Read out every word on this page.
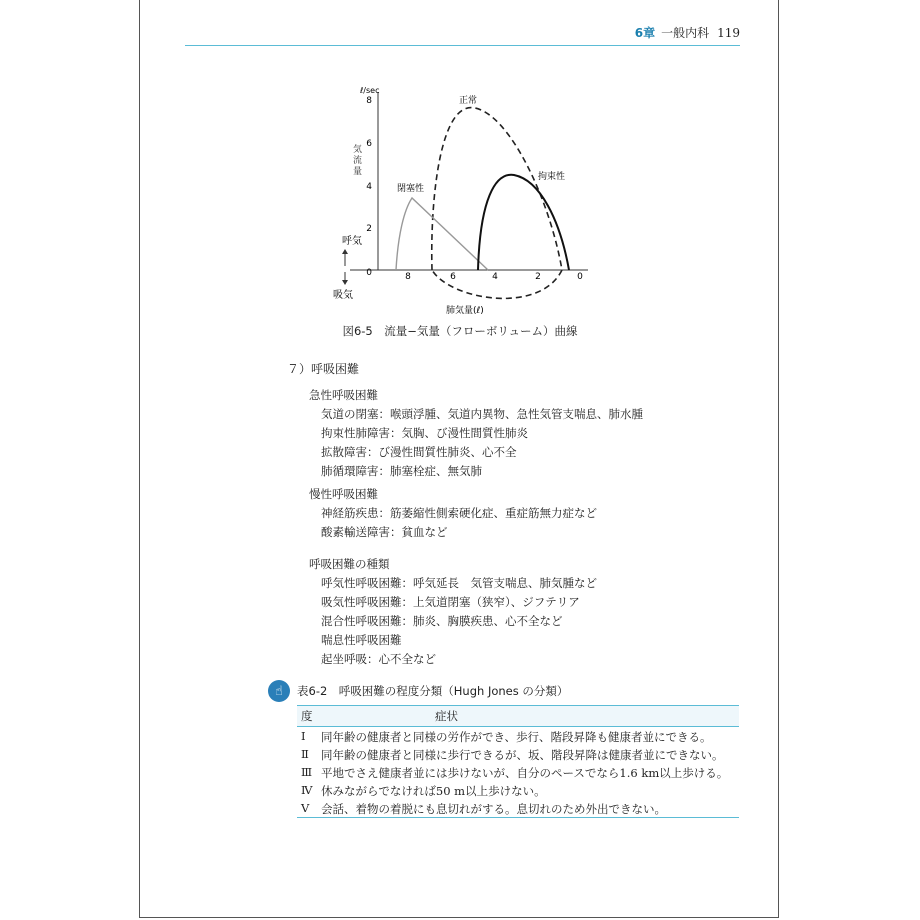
6章 一般内科 119
ℓ/sec
気
流
量
8
6
4
2
0	8	6	4	2	0
肺気量(ℓ)
呼気
吸気
正常
閉塞性
拘束性
図6-5　流量−気量（フローボリューム）曲線
７）呼吸困難
急性呼吸困難
気道の閉塞：喉頭浮腫、気道内異物、急性気管支喘息、肺水腫
拘束性肺障害：気胸、び漫性間質性肺炎
拡散障害：び漫性間質性肺炎、心不全
肺循環障害：肺塞栓症、無気肺
慢性呼吸困難
神経筋疾患：筋萎縮性側索硬化症、重症筋無力症など
酸素輸送障害：貧血など
呼吸困難の種類
呼気性呼吸困難：呼気延長　気管支喘息、肺気腫など
吸気性呼吸困難：上気道閉塞（狭窄）、ジフテリア
混合性呼吸困難：肺炎、胸膜疾患、心不全など
喘息性呼吸困難
起坐呼吸：心不全など
☝	表6-2　呼吸困難の程度分類（Hugh Jones の分類）
度	症状
Ⅰ 同年齢の健康者と同様の労作ができ、歩行、階段昇降も健康者並にできる。
Ⅱ 同年齢の健康者と同様に歩行できるが、坂、階段昇降は健康者並にできない。
Ⅲ 平地でさえ健康者並には歩けないが、自分のペースでなら1.6 km以上歩ける。
Ⅳ 休みながらでなければ50 m以上歩けない。
Ⅴ 会話、着物の着脱にも息切れがする。息切れのため外出できない。
